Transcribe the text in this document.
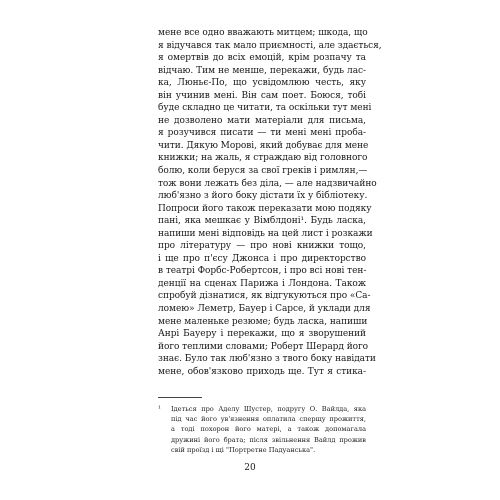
мене все одно вважають митцем; шкода, що
я відучався так мало приємності, але здається,
я омертвів до всіх емоцій, крім розпачу та
відчаю. Тим не менше, перекажи, будь лас-
ка, Люньє-По, що усвідомлюю честь, яку
він учинив мені. Він сам поет. Боюся, тобі
буде складно це читати, та оскільки тут мені
не дозволено мати матеріали для письма,
я розучився писати — ти мені мені проба-
чити. Дякую Морові, який добуває для мене
книжки; на жаль, я страждаю від головного
болю, коли беруся за свої греків і римлян,—
тож вони лежать без діла, — але надзвичайно
люб'язно з його боку дістати їх у бібліотеку.
Попроси його також переказати мою подяку
пані, яка мешкає у Вімблдоні¹. Будь ласка,
напиши мені відповідь на цей лист і розкажи
про літературу — про нові книжки тощо,
і ще про п'єсу Джонса і про директорство
в театрі Форбс-Робертсон, і про всі нові тен-
денції на сценах Парижа і Лондона. Також
спробуй дізнатися, як відгукуються про «Са-
ломею» Леметр, Бауер і Сарсе, й уклади для
мене маленьке резюме; будь ласка, напиши
Анрі Бауеру і перекажи, що я зворушений
його теплими словами; Роберт Шерард його
знає. Було так люб'язно з твого боку навідати
мене, обов'язково приходь ще. Тут я стика-
¹ Ідеться про Аделу Шустер, подругу О. Вайлда, яка
під час його ув'язнення оплатила сперщу прожиття,
а тоді похорон його матері, а також допомагала
дружині його брата; після звільнення Вайлд прожив
свій проїзд і щі "Портретне Падуанська".
20
